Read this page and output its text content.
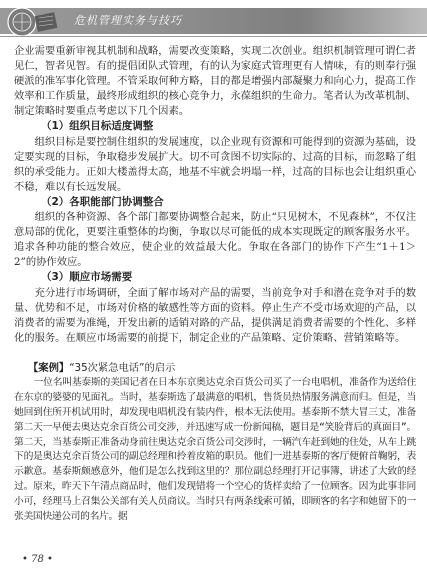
危机管理实务与技巧

企业需要重新审视其机制和战略，需要改变策略，实现二次创业。组织机制管理可谓仁者见仁，智者见智。有的提倡团队式管理，有的认为家庭式管理更有人情味，有的则奉行强硬派的准军事化管理。不管采取何种方略，目的都是增强内部凝聚力和向心力，提高工作效率和工作质量，最终形成组织的核心竞争力，永葆组织的生命力。笔者认为改革机制、制定策略时要重点考虑以下几个因素。

（1）组织目标适度调整

组织目标是要控制住组织的发展速度，以企业现有资源和可能得到的资源为基础，设定要实现的目标，争取稳步发展扩大。切不可贪图不切实际的、过高的目标，而忽略了组织的承受能力。正如大楼盖得太高，地基不牢就会坍塌一样，过高的目标也会让组织重心不稳，难以有长远发展。

（2）各职能部门协调整合

组织的各种资源、各个部门都要协调整合起来，防止“只见树木，不见森林”，不仅注意局部的优化，更要注重整体的均衡，争取以尽可能低的成本实现既定的顾客服务水平。追求各种功能的整合效应，使企业的效益最大化。争取在各部门的协作下产生“1＋1＞2”的协作效应。

（3）顺应市场需要

充分进行市场调研，全面了解市场对产品的需要，当前竞争对手和潜在竞争对手的数量、优势和不足，市场对价格的敏感性等方面的资料。停止生产不受市场欢迎的产品，以消费者的需要为准绳，开发出新的适销对路的产品，提供满足消费者需要的个性化、多样化的服务。在顺应市场需要的前提下，制定企业的产品策略、定价策略、营销策略等。

【案例】“35次紧急电话”的启示

一位名叫基泰斯的美国记者在日本东京奥达克余百货公司买了一台电唱机，准备作为送给住在东京的婆婆的见面礼。当时，基泰斯选了最满意的唱机，售货员热情服务满意而归。但是，当她回到住所开机试用时，却发现电唱机没有装内件，根本无法使用。基泰斯不禁大冒三丈，准备第二天一早便去奥达克余百货公司交涉，并迅速写成一份新闻稿，题目是“笑脸背后的真面目”。第二天，当基泰斯正准备动身前往奥达克余百货公司交涉时，一辆汽车赶到她的住处，从车上跳下的是奥达克余百货公司的副总经理和拎着皮箱的职员。他们一进基泰斯的客厅便俯首鞠躬，表示歉意。基泰斯颇感意外，他们是怎么找到这里的？那位副总经理打开记事簿，讲述了大致的经过。原来，昨天下午清点商品时，他们发现错将一个空心的货样卖给了一位顾客。因为此事非同小可，经理马上召集公关部有关人员商议。当时只有两条线索可循，即顾客的名字和她留下的一张美国快递公司的名片。据

• 78 •
